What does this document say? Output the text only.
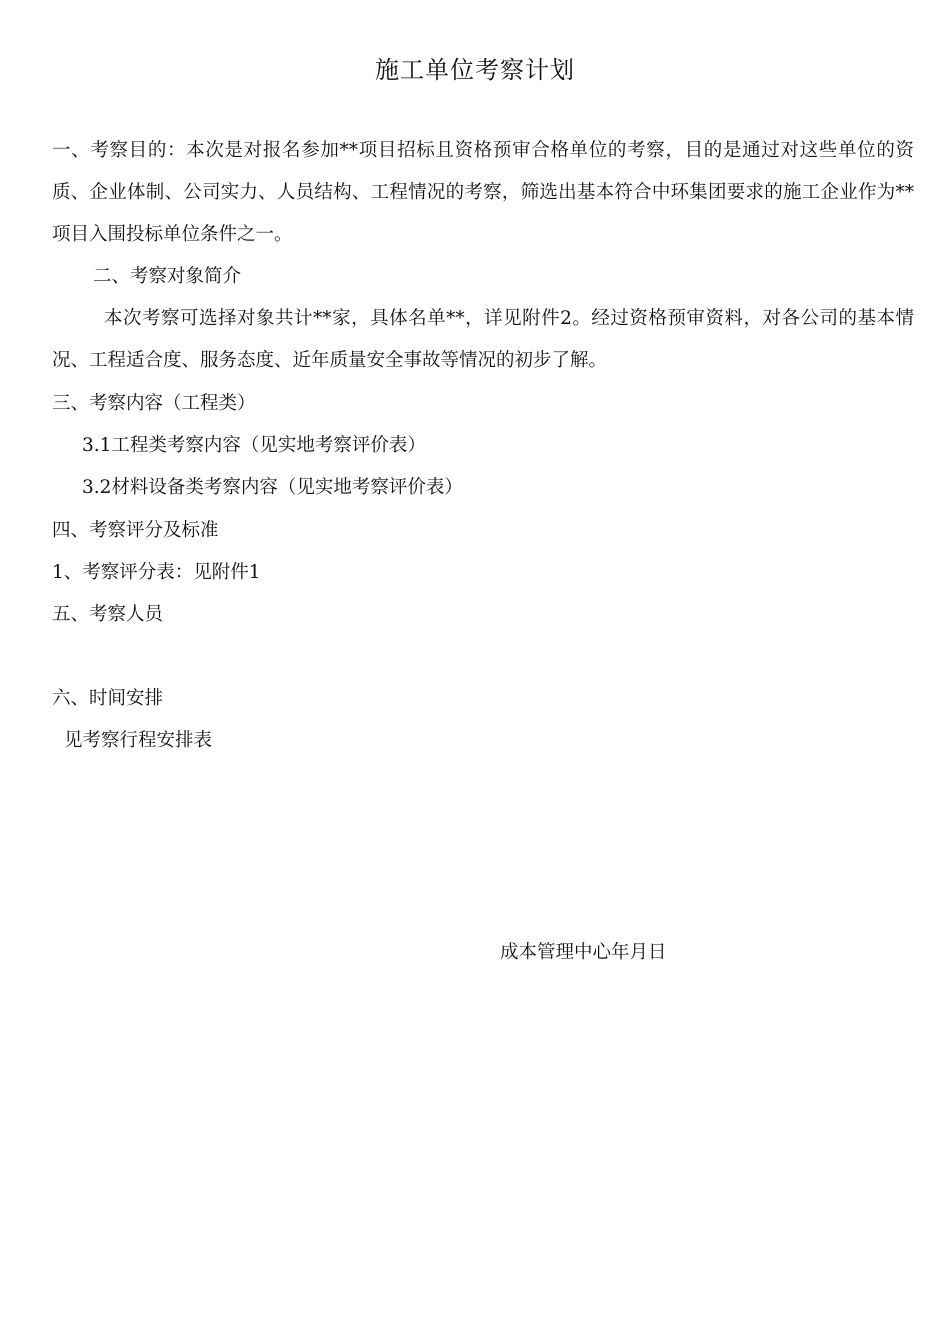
施工单位考察计划
一、考察目的：本次是对报名参加**项目招标且资格预审合格单位的考察，目的是通过对这些单位的资质、企业体制、公司实力、人员结构、工程情况的考察，筛选出基本符合中环集团要求的施工企业作为**项目入围投标单位条件之一。
二、考察对象简介
本次考察可选择对象共计**家，具体名单**，详见附件2。经过资格预审资料，对各公司的基本情况、工程适合度、服务态度、近年质量安全事故等情况的初步了解。
三、考察内容（工程类）
3.1工程类考察内容（见实地考察评价表）
3.2材料设备类考察内容（见实地考察评价表）
四、考察评分及标准
1、考察评分表：见附件1
五、考察人员
六、时间安排
见考察行程安排表
成本管理中心年月日
